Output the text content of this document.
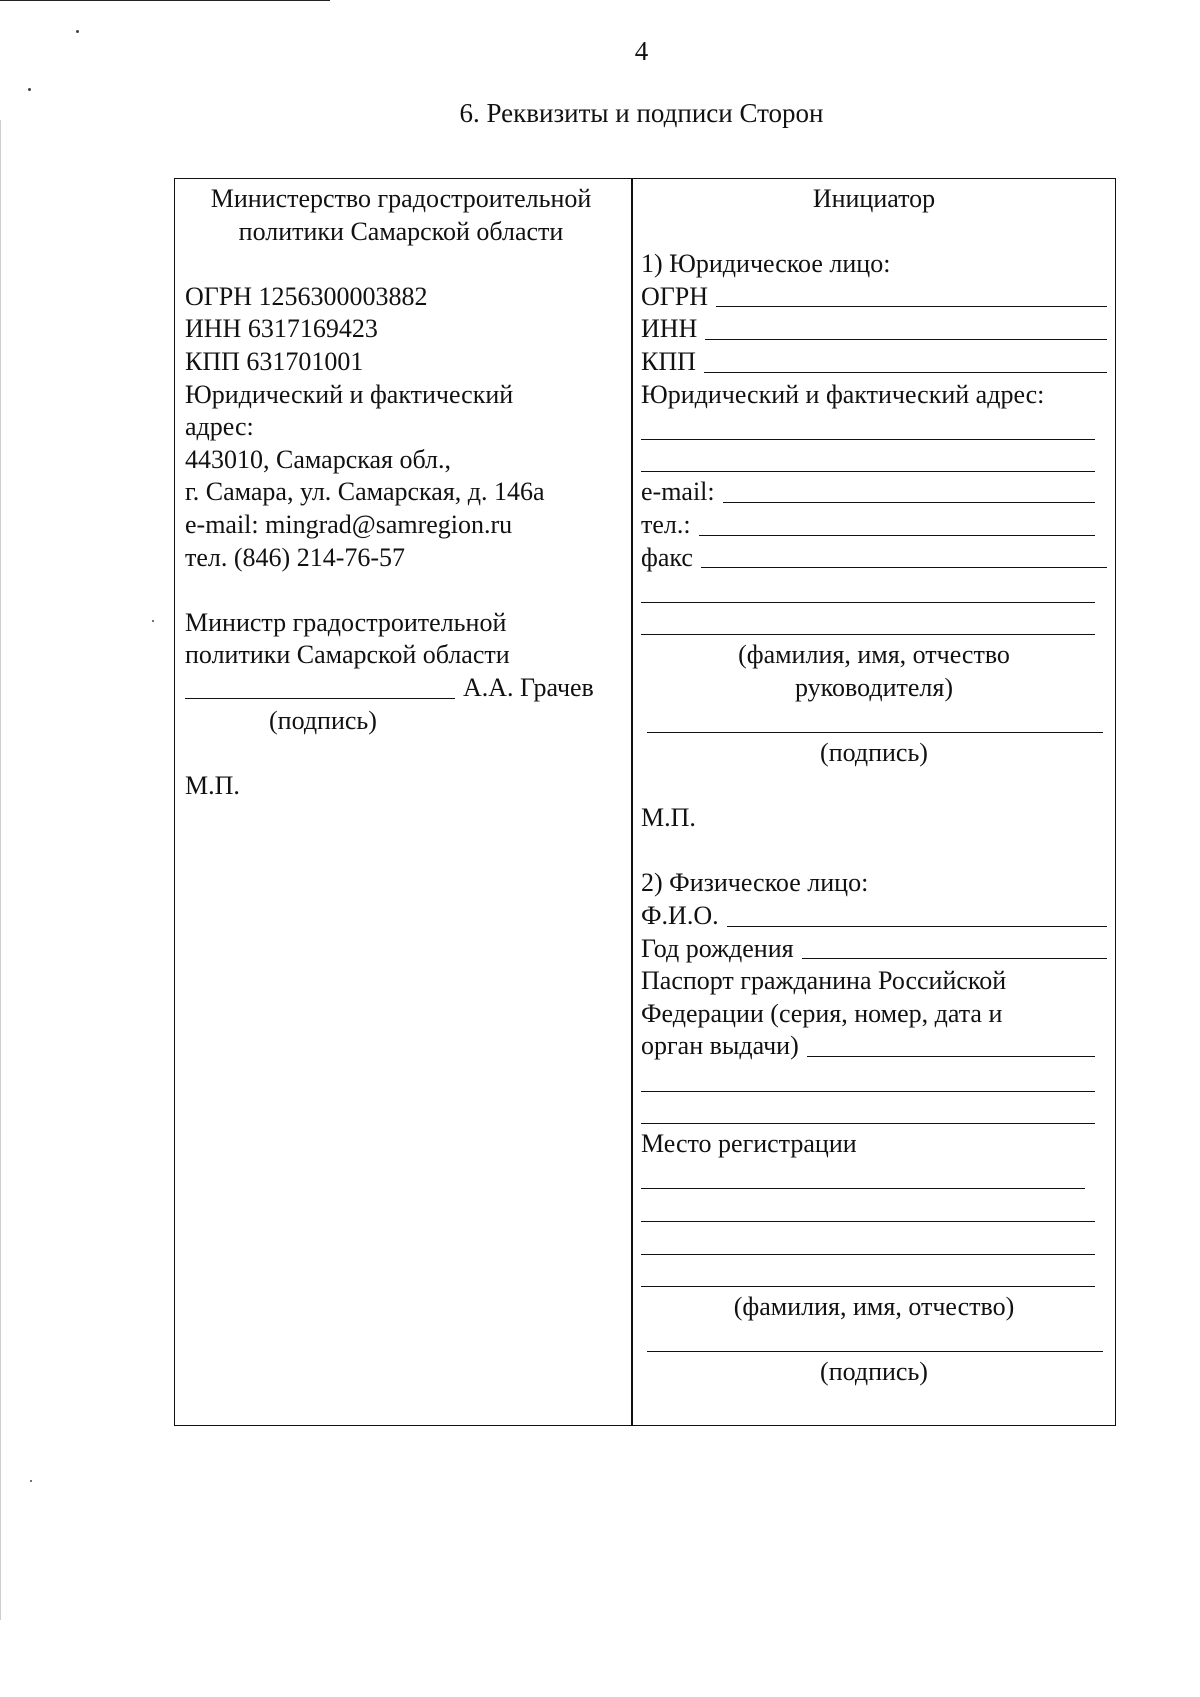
4
6. Реквизиты и подписи Сторон
Министерство градостроительной
политики Самарской области
ОГРН 1256300003882
ИНН 6317169423
КПП 631701001
Юридический и фактический
адрес:
443010, Самарская обл.,
г. Самара, ул. Самарская, д. 146а
e-mail: mingrad@samregion.ru
тел. (846) 214-76-57
Министр градостроительной
политики Самарской области
А.А. Грачев
(подпись)
М.П.
Инициатор
1) Юридическое лицо:
ОГРН
ИНН
КПП
Юридический и фактический адрес:
e-mail:
тел.:
факс
(фамилия, имя, отчество
руководителя)
(подпись)
М.П.
2) Физическое лицо:
Ф.И.О.
Год рождения
Паспорт гражданина Российской
Федерации (серия, номер, дата и
орган выдачи)
Место регистрации
(фамилия, имя, отчество)
(подпись)
